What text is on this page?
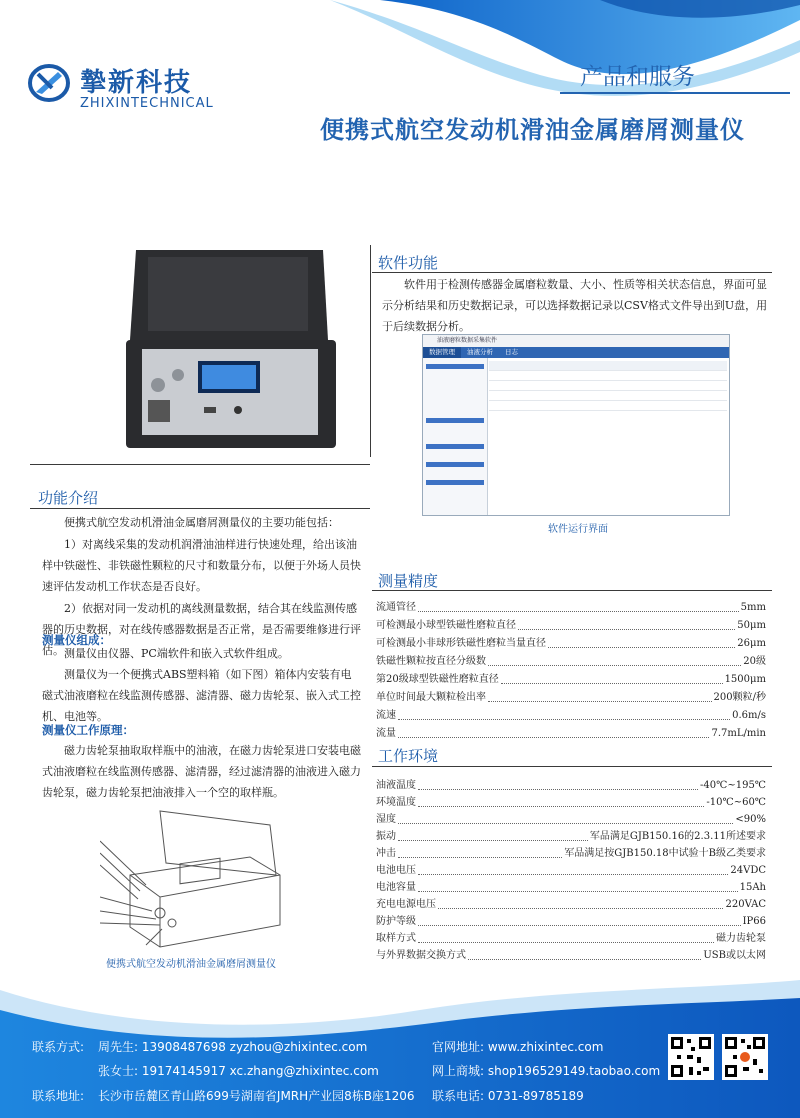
摯新科技
ZHIXINTECHNICAL
产品和服务
便携式航空发动机滑油金属磨屑测量仪
软件功能
软件用于检测传感器金属磨粒数量、大小、性质等相关状态信息，界面可显示分析结果和历史数据记录，可以选择数据记录以CSV格式文件导出到U盘，用于后续数据分析。
油液磨粒数据采集软件
数据管理	油液分析	日志
软件运行界面
功能介绍
便携式航空发动机滑油金属磨屑测量仪的主要功能包括：
1）对离线采集的发动机润滑油油样进行快速处理，给出该油样中铁磁性、非铁磁性颗粒的尺寸和数量分布，以便于外场人员快速评估发动机工作状态是否良好。
2）依据对同一发动机的离线测量数据，结合其在线监测传感器的历史数据，对在线传感器数据是否正常，是否需要维修进行评估。
测量仪组成：
测量仪由仪器、PC端软件和嵌入式软件组成。
测量仪为一个便携式ABS塑料箱（如下图）箱体内安装有电磁式油液磨粒在线监测传感器、滤清器、磁力齿轮泵、嵌入式工控机、电池等。
测量仪工作原理：
磁力齿轮泵抽取取样瓶中的油液，在磁力齿轮泵进口安装电磁式油液磨粒在线监测传感器、滤清器，经过滤清器的油液进入磁力齿轮泵，磁力齿轮泵把油液排入一个空的取样瓶。
便携式航空发动机滑油金属磨屑测量仪
测量精度
流通管径	5mm
可检测最小球型铁磁性磨粒直径	50μm
可检测最小非球形铁磁性磨粒当量直径	26μm
铁磁性颗粒按直径分级数	20级
第20级球型铁磁性磨粒直径	1500μm
单位时间最大颗粒检出率	200颗粒/秒
流速	0.6m/s
流量	7.7mL/min
工作环境
油液温度	-40℃~195℃
环境温度	-10℃~60℃
湿度	<90%
振动	军品满足GJB150.16的2.3.11所述要求
冲击	军品满足按GJB150.18中试验十B级乙类要求
电池电压	24VDC
电池容量	15Ah
充电电源电压	220VAC
防护等级	IP66
取样方式	磁力齿轮泵
与外界数据交换方式	USB或以太网
联系方式: 周先生: 13908487698 zyzhou@zhixintec.com
张女士: 19174145917 xc.zhang@zhixintec.com
联系地址: 长沙市岳麓区青山路699号湖南省JMRH产业园8栋B座1206
官网地址: www.zhixintec.com
网上商城: shop196529149.taobao.com
联系电话: 0731-89785189
